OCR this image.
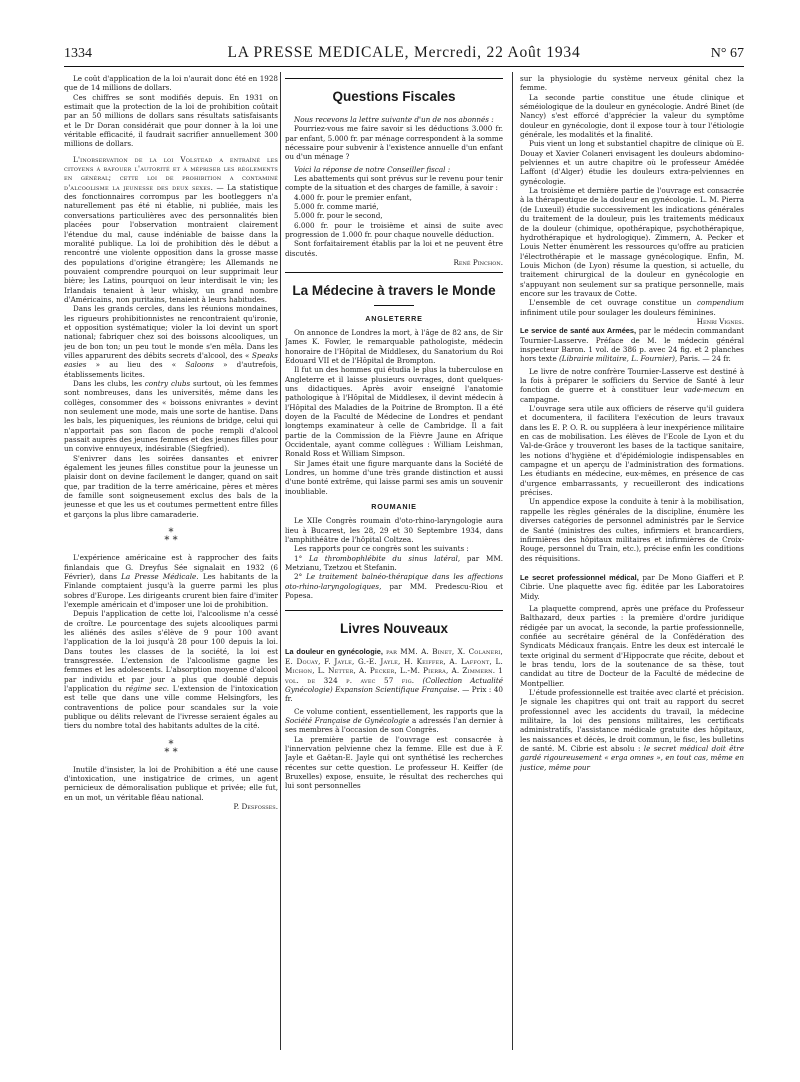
1334	LA PRESSE MEDICALE, Mercredi, 22 Août 1934	N° 67

Le coût d'application de la loi n'aurait donc été en 1928 que de 14 millions de dollars.

Ces chiffres se sont modifiés depuis. En 1931 on estimait que la protection de la loi de prohibition coûtait par an 50 millions de dollars sans résultats satisfaisants et le Dr Doran considérait que pour donner à la loi une véritable efficacité, il faudrait sacrifier annuellement 300 millions de dollars.

L'inobservation de la loi Volstead a entraîné les citoyens à bafouer l'autorité et à mépriser les règlements en général; cette loi de prohibition a contaminé d'alcoolisme la jeunesse des deux sexes. — La statistique des fonctionnaires corrompus par les bootleggers n'a naturellement pas été ni établie, ni publiée, mais les conversations particulières avec des personnalités bien placées pour l'observation montraient clairement l'étendue du mal, cause indéniable de baisse dans la moralité publique. La loi de prohibition dès le début a rencontré une violente opposition dans la grosse masse des populations d'origine étrangère; les Allemands ne pouvaient comprendre pourquoi on leur supprimait leur bière; les Latins, pourquoi on leur interdisait le vin; les Irlandais tenaient à leur whisky, un grand nombre d'Américains, non puritains, tenaient à leurs habitudes.

Dans les grands cercles, dans les réunions mondaines, les rigueurs prohibitionnistes ne rencontraient qu'ironie, et opposition systématique; violer la loi devint un sport national; fabriquer chez soi des boissons alcooliques, un jeu de bon ton; un peu tout le monde s'en mêla. Dans les villes apparurent des débits secrets d'alcool, des « Speaks easies » au lieu des « Saloons » d'autrefois, établissements licites.

Dans les clubs, les contry clubs surtout, où les femmes sont nombreuses, dans les universités, même dans les collèges, consommer des « boissons enivrantes » devint non seulement une mode, mais une sorte de hantise. Dans les bals, les piqueniques, les réunions de bridge, celui qui n'apportait pas son flacon de poche rempli d'alcool passait auprès des jeunes femmes et des jeunes filles pour un convive ennuyeux, indésirable (Siegfried).

S'enivrer dans les soirées dansantes et enivrer également les jeunes filles constitue pour la jeunesse un plaisir dont on devine facilement le danger, quand on sait que, par tradition de la terre américaine, pères et mères de famille sont soigneusement exclus des bals de la jeunesse et que les us et coutumes permettent entre filles et garçons la plus libre camaraderie.

*
* *

L'expérience américaine est à rapprocher des faits finlandais que G. Dreyfus Sée signalait en 1932 (6 Février), dans La Presse Médicale. Les habitants de la Finlande comptaient jusqu'à la guerre parmi les plus sobres d'Europe. Les dirigeants crurent bien faire d'imiter l'exemple américain et d'imposer une loi de prohibition.

Depuis l'application de cette loi, l'alcoolisme n'a cessé de croître. Le pourcentage des sujets alcooliques parmi les aliénés des asiles s'élève de 9 pour 100 avant l'application de la loi jusqu'à 28 pour 100 depuis la loi. Dans toutes les classes de la société, la loi est transgressée. L'extension de l'alcoolisme gagne les femmes et les adolescents. L'absorption moyenne d'alcool par individu et par jour a plus que doublé depuis l'application du régime sec. L'extension de l'intoxication est telle que dans une ville comme Helsingfors, les contraventions de police pour scandales sur la voie publique ou délits relevant de l'ivresse seraient égales au tiers du nombre total des habitants adultes de la cité.

*
* *

Inutile d'insister, la loi de Prohibition a été une cause d'intoxication, une instigatrice de crimes, un agent pernicieux de démoralisation publique et privée; elle fut, en un mot, un véritable fléau national.

P. Desfosses.

Questions Fiscales

Nous recevons la lettre suivante d'un de nos abonnés :

Pourriez-vous me faire savoir si les déductions 3.000 fr. par enfant, 5.000 fr. par ménage correspondent à la somme nécessaire pour subvenir à l'existence annuelle d'un enfant ou d'un ménage ?

Voici la réponse de notre Conseiller fiscal :

Les abattements qui sont prévus sur le revenu pour tenir compte de la situation et des charges de famille, à savoir :

4.000 fr. pour le premier enfant,

5.000 fr. comme marié,

5.000 fr. pour le second,

6.000 fr. pour le troisième et ainsi de suite avec progression de 1.000 fr. pour chaque nouvelle déduction.

Sont forfaitairement établis par la loi et ne peuvent être discutés.

René Pinchon.

La Médecine à travers le Monde
ANGLETERRE

On annonce de Londres la mort, à l'âge de 82 ans, de Sir James K. Fowler, le remarquable pathologiste, médecin honoraire de l'Hôpital de Middlesex, du Sanatorium du Roi Edouard VII et de l'Hôpital de Brompton.

Il fut un des hommes qui étudia le plus la tuberculose en Angleterre et il laisse plusieurs ouvrages, dont quelques-uns didactiques. Après avoir enseigné l'anatomie pathologique à l'Hôpital de Middlesex, il devint médecin à l'Hôpital des Maladies de la Poitrine de Brompton. Il a été doyen de la Faculté de Médecine de Londres et pendant longtemps examinateur à celle de Cambridge. Il a fait partie de la Commission de la Fièvre Jaune en Afrique Occidentale, ayant comme collègues : William Leishman, Ronald Ross et William Simpson.

Sir James était une figure marquante dans la Société de Londres, un homme d'une très grande distinction et aussi d'une bonté extrême, qui laisse parmi ses amis un souvenir inoubliable.

ROUMANIE

Le XIIe Congrès roumain d'oto-rhino-laryngologie aura lieu à Bucarest, les 28, 29 et 30 Septembre 1934, dans l'amphithéâtre de l'hôpital Coltzea.

Les rapports pour ce congrès sont les suivants :

1° La thrombophlébite du sinus latéral, par MM. Metzianu, Tzetzou et Stefanin.

2° Le traitement balnéo-thérapique dans les affections oto-rhino-laryngologiques, par MM. Predescu-Riou et Popesa.

Livres Nouveaux

La douleur en gynécologie, par MM. A. Binet, X. Colaneri, E. Douay, F. Jayle, G.-E. Jayle, H. Keiffer, A. Laffont, L. Michon, L. Netter, A. Pecker, L.-M. Pierra, A. Zimmern. 1 vol. de 324 p. avec 57 fig. (Collection Actualité Gynécologie) Expansion Scientifique Française. — Prix : 40 fr.

Ce volume contient, essentiellement, les rapports que la Société Française de Gynécologie a adressés l'an dernier à ses membres à l'occasion de son Congrès.

La première partie de l'ouvrage est consacrée à l'innervation pelvienne chez la femme. Elle est due à F. Jayle et Gaëtan-E. Jayle qui ont synthétisé les recherches récentes sur cette question. Le professeur H. Keiffer (de Bruxelles) expose, ensuite, le résultat des recherches qui lui sont personnelles

sur la physiologie du système nerveux génital chez la femme.

La seconde partie constitue une étude clinique et séméiologique de la douleur en gynécologie. André Binet (de Nancy) s'est efforcé d'apprécier la valeur du symptôme douleur en gynécologie, dont il expose tour à tour l'étiologie générale, les modalités et la finalité.

Puis vient un long et substantiel chapitre de clinique où E. Douay et Xavier Colaneri envisagent les douleurs abdomino-pelviennes et un autre chapitre où le professeur Amédée Laffont (d'Alger) étudie les douleurs extra-pelviennes en gynécologie.

La troisième et dernière partie de l'ouvrage est consacrée à la thérapeutique de la douleur en gynécologie. L. M. Pierra (de Luxeuil) étudie successivement les indications générales du traitement de la douleur, puis les traitements médicaux de la douleur (chimique, opothérapique, psychothérapique, hydrothérapique et hydrologique). Zimmern, A. Pecker et Louis Netter énumèrent les ressources qu'offre au praticien l'électrothérapie et le massage gynécologique. Enfin, M. Louis Michon (de Lyon) résume la question, si actuelle, du traitement chirurgical de la douleur en gynécologie en s'appuyant non seulement sur sa pratique personnelle, mais encore sur les travaux de Cotte.

L'ensemble de cet ouvrage constitue un compendium infiniment utile pour soulager les douleurs féminines.

Henri Vignes.

Le service de santé aux Armées, par le médecin commandant Tournier-Lasserve. Préface de M. le médecin général inspecteur Baron. 1 vol. de 386 p. avec 24 fig. et 2 planches hors texte (Librairie militaire, L. Fournier), Paris. — 24 fr.

Le livre de notre confrère Tournier-Lasserve est destiné à la fois à préparer le sofficiers du Service de Santé à leur fonction de guerre et à constituer leur vade-mecum en campagne.

L'ouvrage sera utile aux officiers de réserve qu'il guidera et documentera, il facilitera l'exécution de leurs travaux dans les E. P. O. R. ou suppléera à leur inexpérience militaire en cas de mobilisation. Les élèves de l'Ecole de Lyon et du Val-de-Grâce y trouveront les bases de la tactique sanitaire, les notions d'hygiène et d'épidémiologie indispensables en campagne et un aperçu de l'administration des formations. Les étudiants en médecine, eux-mêmes, en présence de cas d'urgence embarrassants, y recueilleront des indications précises.

Un appendice expose la conduite à tenir à la mobilisation, rappelle les règles générales de la discipline, énumère les diverses catégories de personnel administrés par le Service de Santé (ministres des cultes, infirmiers et brancardiers, infirmières des hôpitaux militaires et infirmières de Croix-Rouge, personnel du Train, etc.), précise enfin les conditions des réquisitions.

Le secret professionnel médical, par De Mono Giafferi et P. Cibrie. Une plaquette avec fig. éditée par les Laboratoires Midy.

La plaquette comprend, après une préface du Professeur Balthazard, deux parties : la première d'ordre juridique rédigée par un avocat, la seconde, la partie professionnelle, confiée au secrétaire général de la Confédération des Syndicats Médicaux français. Entre les deux est intercalé le texte original du serment d'Hippocrate que récite, debout et le bras tendu, lors de la soutenance de sa thèse, tout candidat au titre de Docteur de la Faculté de médecine de Montpellier.

L'étude professionnelle est traitée avec clarté et précision. Je signale les chapitres qui ont trait au rapport du secret professionnel avec les accidents du travail, la médecine militaire, la loi des pensions militaires, les certificats administratifs, l'assistance médicale gratuite des hôpitaux, les naissances et décès, le droit commun, le fisc, les bulletins de santé. M. Cibrie est absolu : le secret médical doit être gardé rigoureusement « erga omnes », en tout cas, même en justice, même pour
